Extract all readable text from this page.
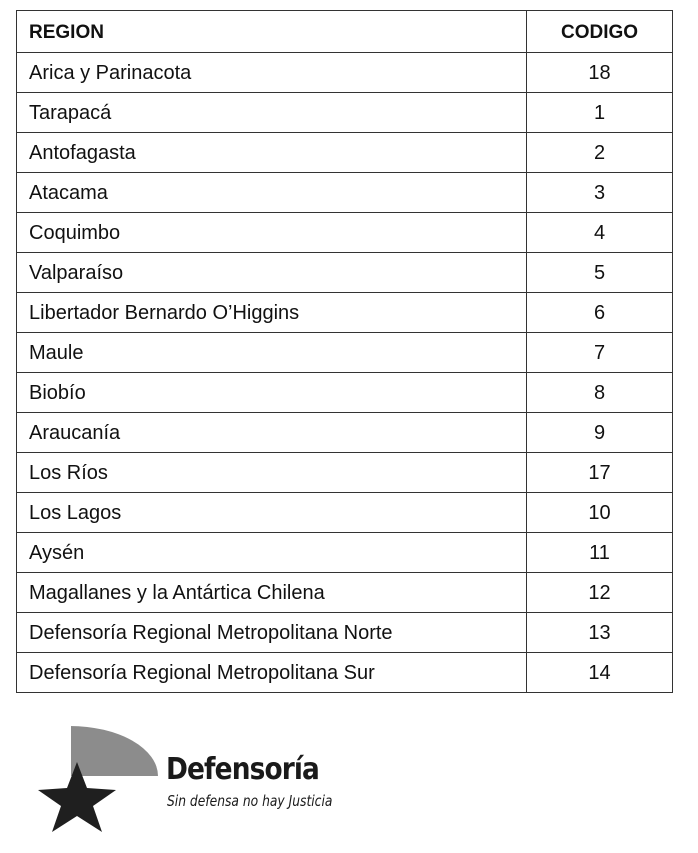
REGION	CODIGO
Arica y Parinacota	18
Tarapacá	1
Antofagasta	2
Atacama	3
Coquimbo	4
Valparaíso	5
Libertador Bernardo O’Higgins	6
Maule	7
Biobío	8
Araucanía	9
Los Ríos	17
Los Lagos	10
Aysén	11
Magallanes y la Antártica Chilena	12
Defensoría Regional Metropolitana Norte	13
Defensoría Regional Metropolitana Sur	14
Defensoría
Sin defensa no hay Justicia
